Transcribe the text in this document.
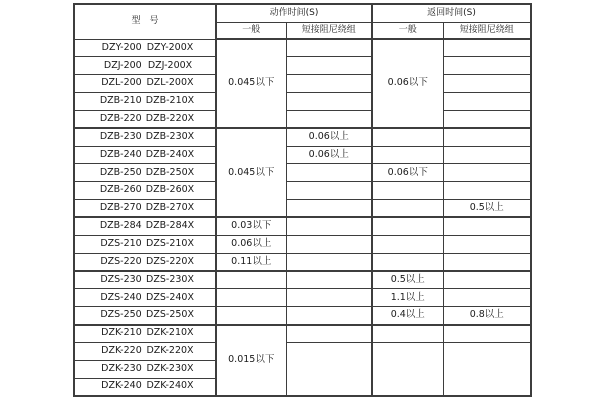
型　号	动作时间(S)		返回时间(S)	
	一般	短接阻尼绕组	一般	短接阻尼绕组
DZY-200 DZY-200X	0.045以下		0.06以下	
DZJ-200 DZJ-200X				
DZL-200 DZL-200X				
DZB-210 DZB-210X				
DZB-220 DZB-220X				
DZB-230 DZB-230X	0.045以下	0.06以上		
DZB-240 DZB-240X		0.06以上		
DZB-250 DZB-250X			0.06以下	
DZB-260 DZB-260X				
DZB-270 DZB-270X				0.5以上
DZB-284 DZB-284X	0.03以下			
DZS-210 DZS-210X	0.06以上			
DZS-220 DZS-220X	0.11以上			
DZS-230 DZS-230X			0.5以上	
DZS-240 DZS-240X			1.1以上	
DZS-250 DZS-250X			0.4以上	0.8以上
DZK-210 DZK-210X	0.015以下			
DZK-220 DZK-220X				
DZK-230 DZK-230X				
DZK-240 DZK-240X				
